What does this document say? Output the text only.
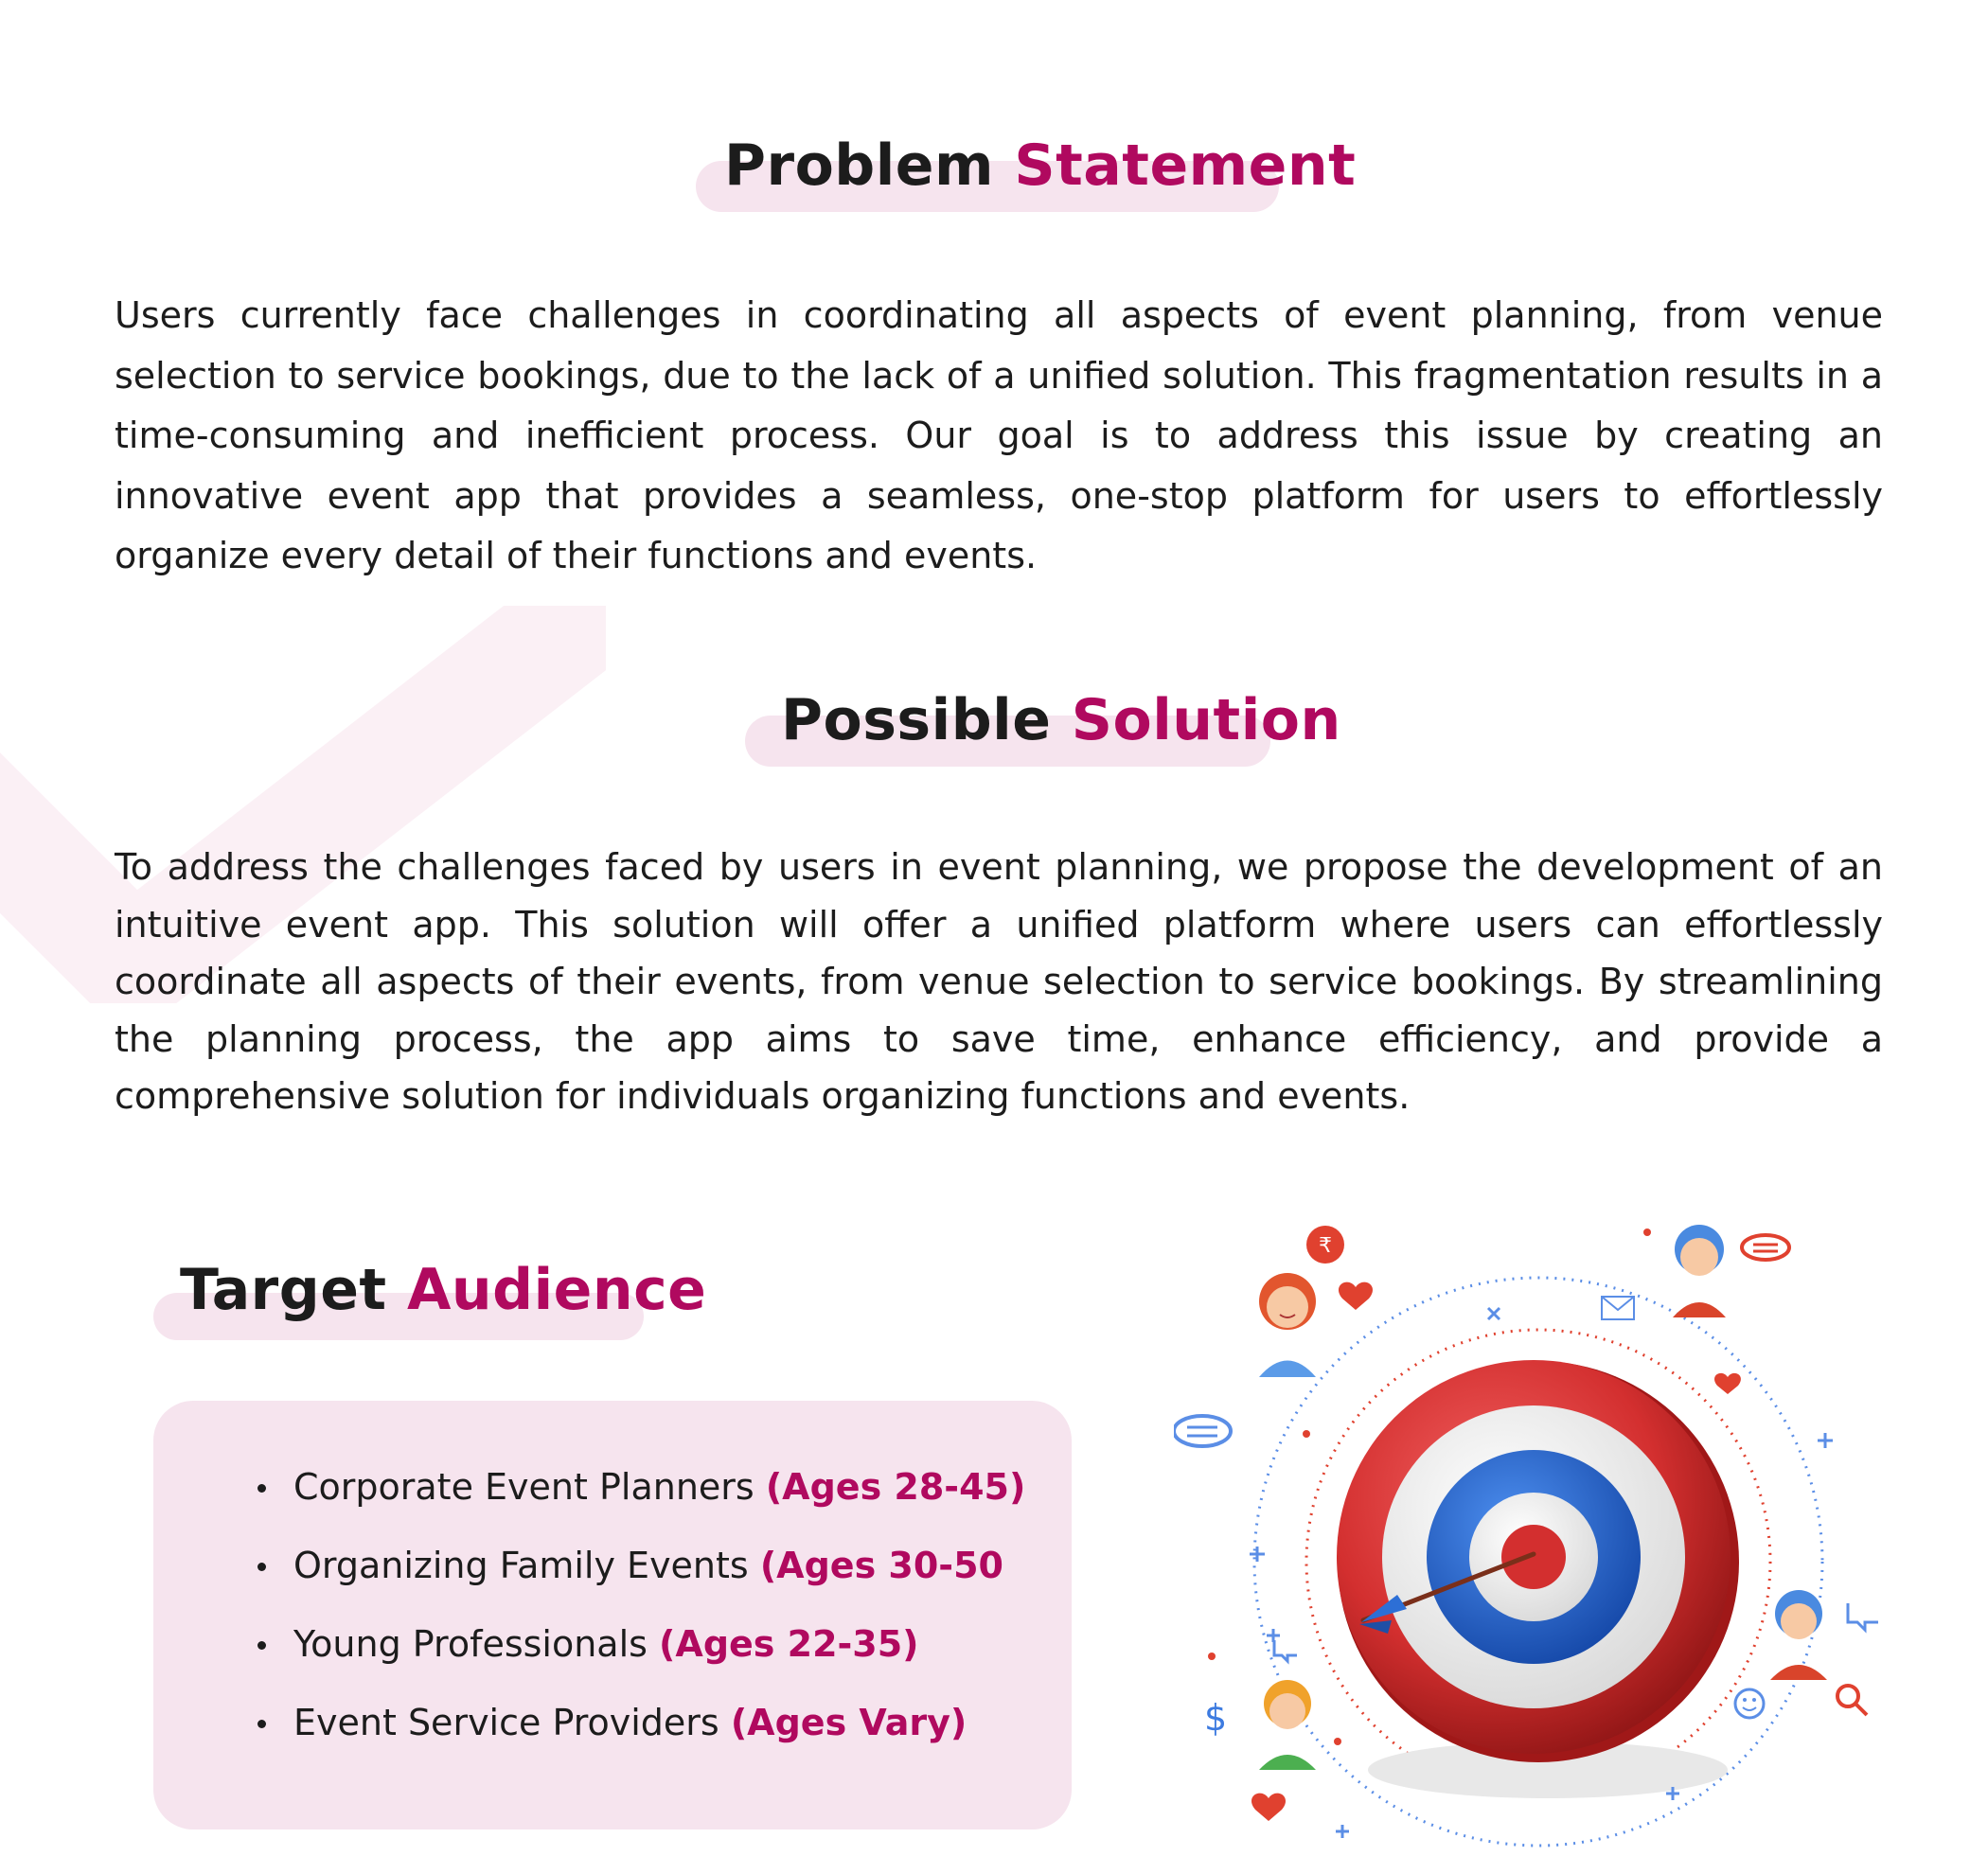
Problem Statement

Users currently face challenges in coordinating all aspects of event planning, from venue selection to service bookings, due to the lack of a unified solution. This fragmentation results in a time-consuming and inefficient process. Our goal is to address this issue by creating an innovative event app that provides a seamless, one-stop platform for users to effortlessly organize every detail of their functions and events.

Possible Solution

To address the challenges faced by users in event planning, we propose the development of an intuitive event app. This solution will offer a unified platform where users can effortlessly coordinate all aspects of their events, from venue selection to service bookings. By streamlining the planning process, the app aims to save time, enhance efficiency, and provide a comprehensive solution for individuals organizing functions and events.

Target Audience
Corporate Event Planners (Ages 28-45)
Organizing Family Events (Ages 30-50
Young Professionals (Ages 22-35)
Event Service Providers (Ages Vary)
₹
$
